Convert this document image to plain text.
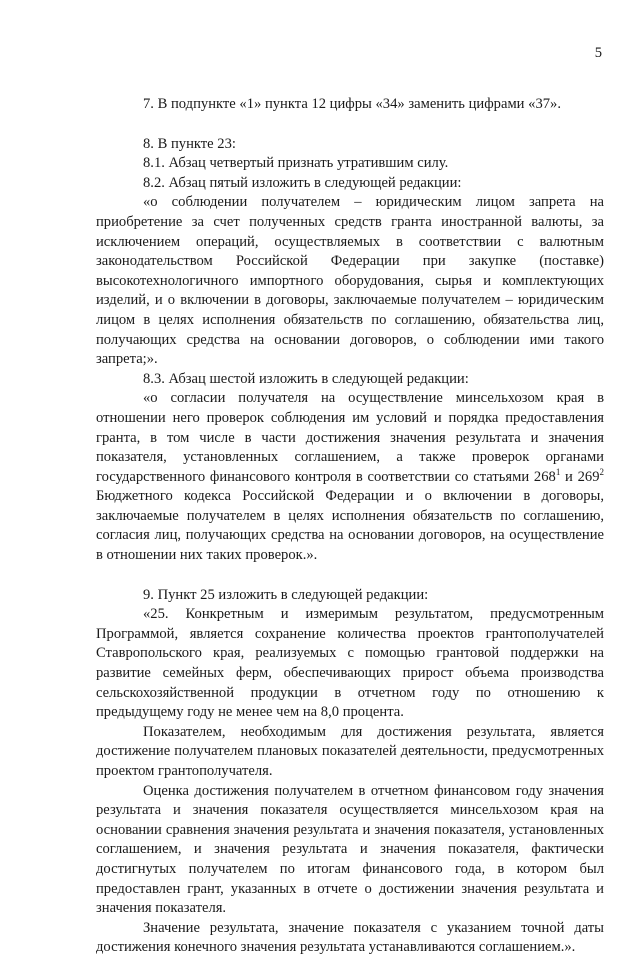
5

7. В подпункте «1» пункта 12 цифры «34» заменить цифрами «37».

8. В пункте 23:

8.1. Абзац четвертый признать утратившим силу.

8.2. Абзац пятый изложить в следующей редакции:

«о соблюдении получателем – юридическим лицом запрета на приобретение за счет полученных средств гранта иностранной валюты, за исключением операций, осуществляемых в соответствии с валютным законодательством Российской Федерации при закупке (поставке) высокотехнологичного импортного оборудования, сырья и комплектующих изделий, и о включении в договоры, заключаемые получателем – юридическим лицом в целях исполнения обязательств по соглашению, обязательства лиц, получающих средства на основании договоров, о соблюдении ими такого запрета;».

8.3. Абзац шестой изложить в следующей редакции:

«о согласии получателя на осуществление минсельхозом края в отношении него проверок соблюдения им условий и порядка предоставления гранта, в том числе в части достижения значения результата и значения показателя, установленных соглашением, а также проверок органами государственного финансового контроля в соответствии со статьями $268^1$ и $269^2$ Бюджетного кодекса Российской Федерации и о включении в договоры, заключаемые получателем в целях исполнения обязательств по соглашению, согласия лиц, получающих средства на основании договоров, на осуществление в отношении них таких проверок.».

9. Пункт 25 изложить в следующей редакции:

«25. Конкретным и измеримым результатом, предусмотренным Программой, является сохранение количества проектов грантополучателей Ставропольского края, реализуемых с помощью грантовой поддержки на развитие семейных ферм, обеспечивающих прирост объема производства сельскохозяйственной продукции в отчетном году по отношению к предыдущему году не менее чем на 8,0 процента.

Показателем, необходимым для достижения результата, является достижение получателем плановых показателей деятельности, предусмотренных проектом грантополучателя.

Оценка достижения получателем в отчетном финансовом году значения результата и значения показателя осуществляется минсельхозом края на основании сравнения значения результата и значения показателя, установленных соглашением, и значения результата и значения показателя, фактически достигнутых получателем по итогам финансового года, в котором был предоставлен грант, указанных в отчете о достижении значения результата и значения показателя.

Значение результата, значение показателя с указанием точной даты достижения конечного значения результата устанавливаются соглашением.».
